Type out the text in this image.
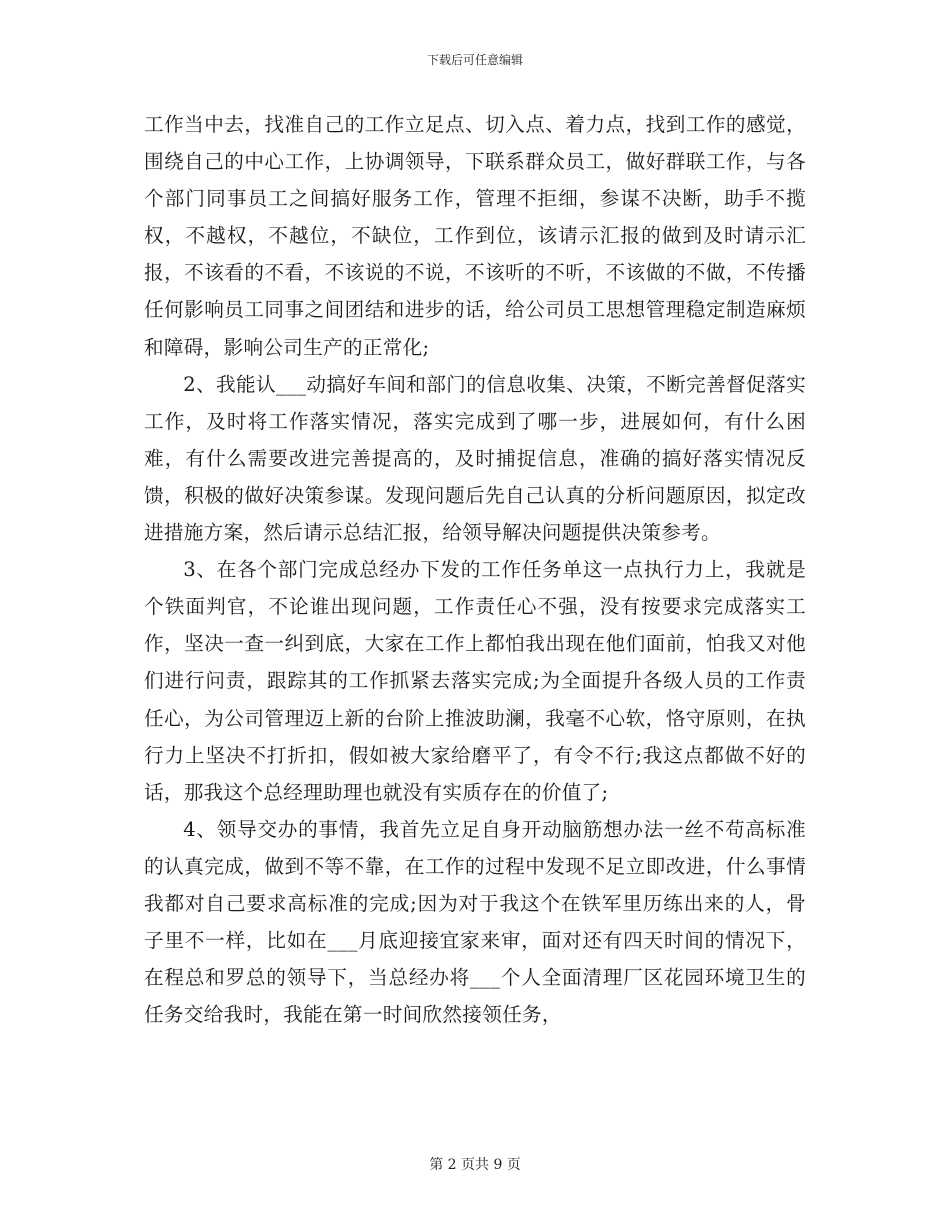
下载后可任意编辑

工作当中去，找准自己的工作立足点、切入点、着力点，找到工作的感觉，围绕自己的中心工作，上协调领导，下联系群众员工，做好群联工作，与各个部门同事员工之间搞好服务工作，管理不拒细，参谋不决断，助手不揽权，不越权，不越位，不缺位，工作到位，该请示汇报的做到及时请示汇报，不该看的不看，不该说的不说，不该听的不听，不该做的不做，不传播任何影响员工同事之间团结和进步的话，给公司员工思想管理稳定制造麻烦和障碍，影响公司生产的正常化;

2、我能认___动搞好车间和部门的信息收集、决策，不断完善督促落实工作，及时将工作落实情况，落实完成到了哪一步，进展如何，有什么困难，有什么需要改进完善提高的，及时捕捉信息，准确的搞好落实情况反馈，积极的做好决策参谋。发现问题后先自己认真的分析问题原因，拟定改进措施方案，然后请示总结汇报，给领导解决问题提供决策参考。

3、在各个部门完成总经办下发的工作任务单这一点执行力上，我就是个铁面判官，不论谁出现问题，工作责任心不强，没有按要求完成落实工作，坚决一查一纠到底，大家在工作上都怕我出现在他们面前，怕我又对他们进行问责，跟踪其的工作抓紧去落实完成;为全面提升各级人员的工作责任心，为公司管理迈上新的台阶上推波助澜，我毫不心软，恪守原则，在执行力上坚决不打折扣，假如被大家给磨平了，有令不行;我这点都做不好的话，那我这个总经理助理也就没有实质存在的价值了;

4、领导交办的事情，我首先立足自身开动脑筋想办法一丝不苟高标准的认真完成，做到不等不靠，在工作的过程中发现不足立即改进，什么事情我都对自己要求高标准的完成;因为对于我这个在铁军里历练出来的人，骨子里不一样，比如在___月底迎接宜家来审，面对还有四天时间的情况下，在程总和罗总的领导下，当总经办将___个人全面清理厂区花园环境卫生的任务交给我时，我能在第一时间欣然接领任务，

第 2 页共 9 页
